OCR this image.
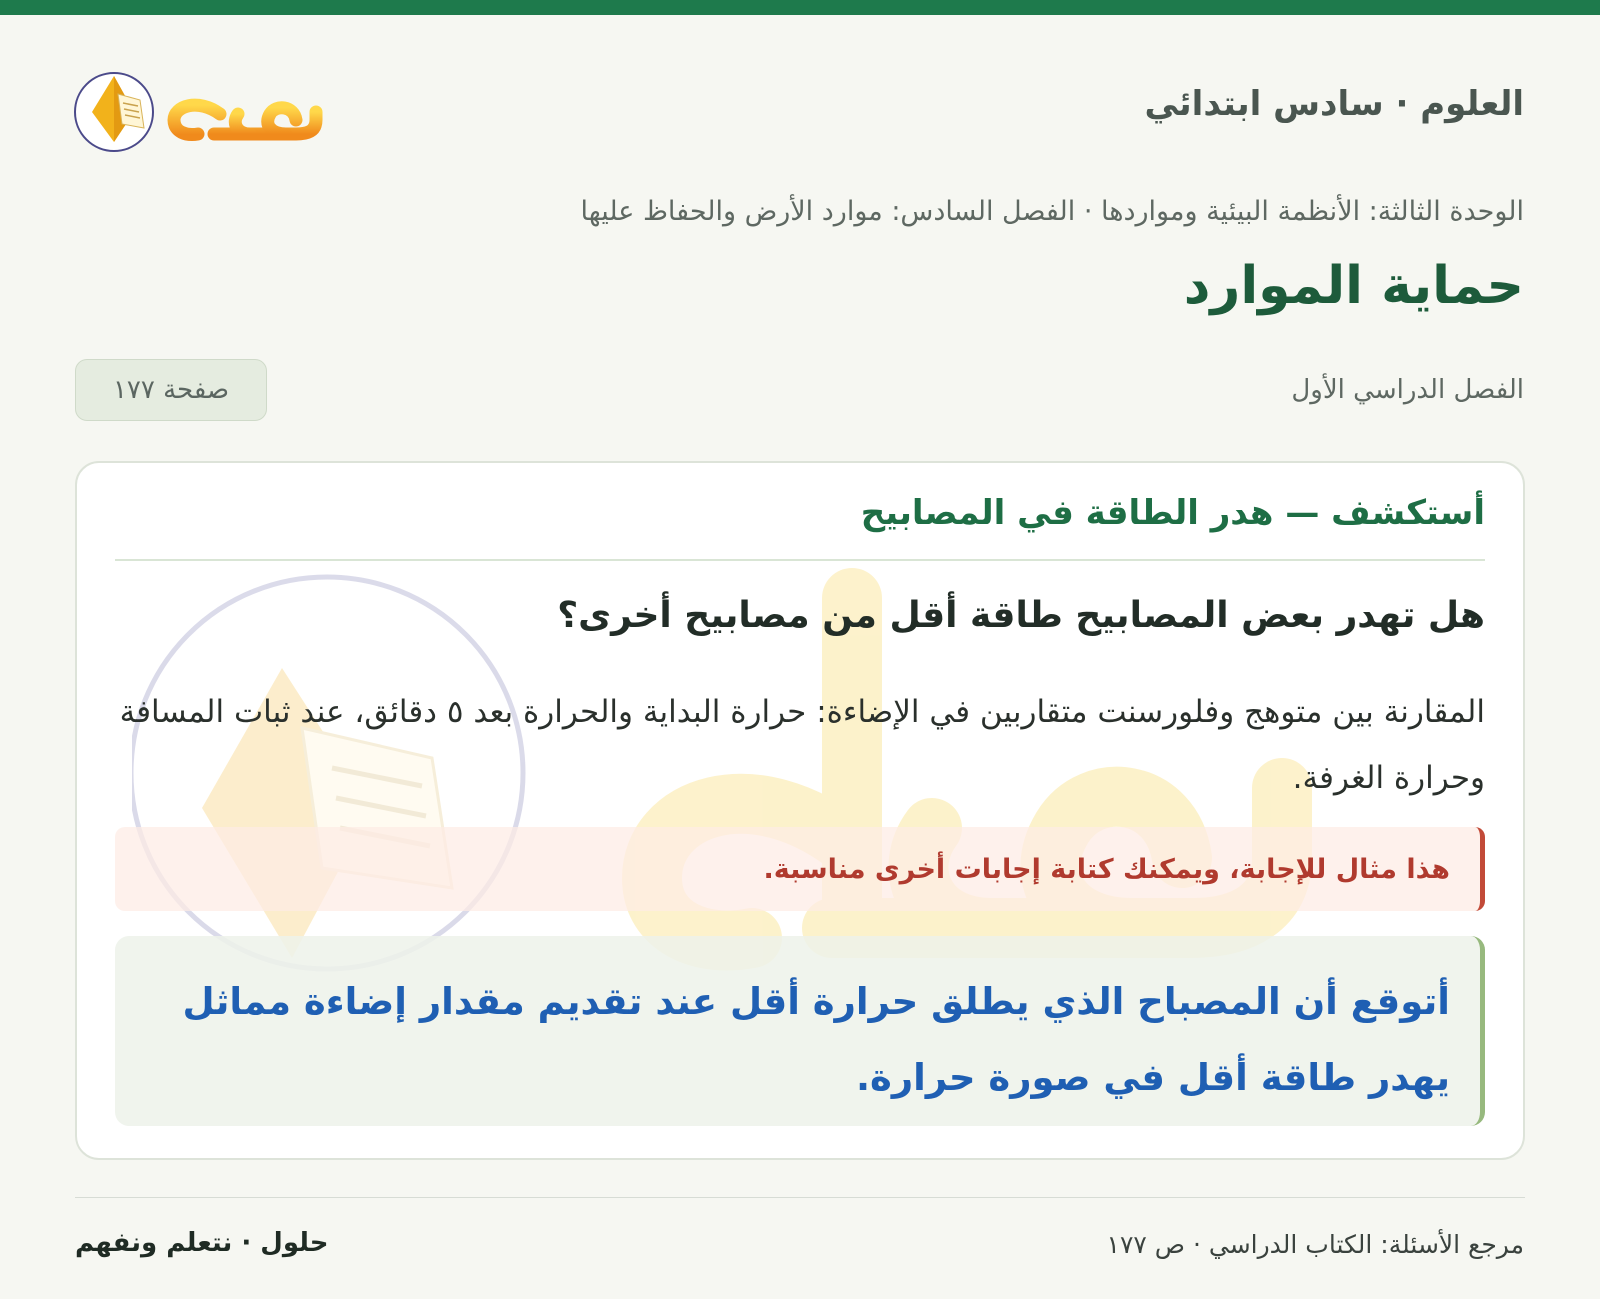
العلوم · سادس ابتدائي
الوحدة الثالثة: الأنظمة البيئية ومواردها · الفصل السادس: موارد الأرض والحفاظ عليها
حماية الموارد
الفصل الدراسي الأول
صفحة ١٧٧
أستكشف — هدر الطاقة في المصابيح
هل تهدر بعض المصابيح طاقة أقل من مصابيح أخرى؟

المقارنة بين متوهج وفلورسنت متقاربين في الإضاءة: حرارة البداية والحرارة بعد ٥ دقائق، عند ثبات المسافة وحرارة الغرفة.

هذا مثال للإجابة، ويمكنك كتابة إجابات أخرى مناسبة.

أتوقع أن المصباح الذي يطلق حرارة أقل عند تقديم مقدار إضاءة مماثل يهدر طاقة أقل في صورة حرارة.

مرجع الأسئلة: الكتاب الدراسي · ص ١٧٧
حلول · نتعلم ونفهم
